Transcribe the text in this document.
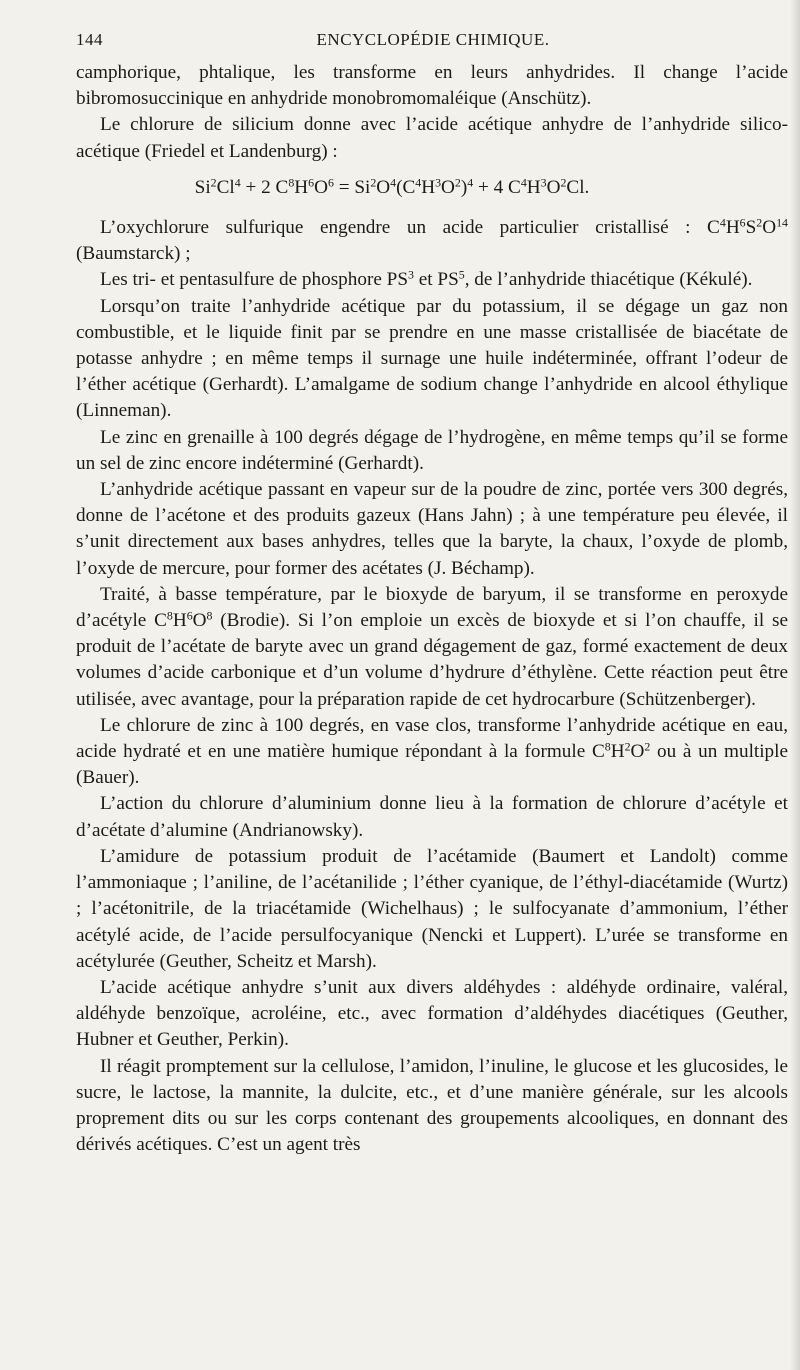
144	ENCYCLOPÉDIE CHIMIQUE.

camphorique, phtalique, les transforme en leurs anhydrides. Il change l’acide bibromosuccinique en anhydride monobromomaléique (Anschütz).

Le chlorure de silicium donne avec l’acide acétique anhydre de l’anhydride silico-acétique (Friedel et Landenburg) :

$Si^2Cl^4 + 2$ $C^8H^6O^6 = Si^2O^4(C^4H^3O^2)^4 + 4$ $C^4H^3O^2Cl$.

L’oxychlorure sulfurique engendre un acide particulier cristallisé : $C^4H^6S^2O^{14}$ (Baumstarck) ;

Les tri- et pentasulfure de phosphore $PS^3$ et $PS^5$, de l’anhydride thiacétique (Kékulé).

Lorsqu’on traite l’anhydride acétique par du potassium, il se dégage un gaz non combustible, et le liquide finit par se prendre en une masse cristallisée de biacétate de potasse anhydre ; en même temps il surnage une huile indéterminée, offrant l’odeur de l’éther acétique (Gerhardt). L’amalgame de sodium change l’anhydride en alcool éthylique (Linneman).

Le zinc en grenaille à 100 degrés dégage de l’hydrogène, en même temps qu’il se forme un sel de zinc encore indéterminé (Gerhardt).

L’anhydride acétique passant en vapeur sur de la poudre de zinc, portée vers 300 degrés, donne de l’acétone et des produits gazeux (Hans Jahn) ; à une température peu élevée, il s’unit directement aux bases anhydres, telles que la baryte, la chaux, l’oxyde de plomb, l’oxyde de mercure, pour former des acétates (J. Béchamp).

Traité, à basse température, par le bioxyde de baryum, il se transforme en peroxyde d’acétyle $C^8H^6O^8$ (Brodie). Si l’on emploie un excès de bioxyde et si l’on chauffe, il se produit de l’acétate de baryte avec un grand dégagement de gaz, formé exactement de deux volumes d’acide carbonique et d’un volume d’hydrure d’éthylène. Cette réaction peut être utilisée, avec avantage, pour la préparation rapide de cet hydrocarbure (Schützenberger).

Le chlorure de zinc à 100 degrés, en vase clos, transforme l’anhydride acétique en eau, acide hydraté et en une matière humique répondant à la formule $C^8H^2O^2$ ou à un multiple (Bauer).

L’action du chlorure d’aluminium donne lieu à la formation de chlorure d’acétyle et d’acétate d’alumine (Andrianowsky).

L’amidure de potassium produit de l’acétamide (Baumert et Landolt) comme l’ammoniaque ; l’aniline, de l’acétanilide ; l’éther cyanique, de l’éthyl-diacétamide (Wurtz) ; l’acétonitrile, de la triacétamide (Wichelhaus) ; le sulfocyanate d’ammonium, l’éther acétylé acide, de l’acide persulfocyanique (Nencki et Luppert). L’urée se transforme en acétylurée (Geuther, Scheitz et Marsh).

L’acide acétique anhydre s’unit aux divers aldéhydes : aldéhyde ordinaire, valéral, aldéhyde benzoïque, acroléine, etc., avec formation d’aldéhydes diacétiques (Geuther, Hubner et Geuther, Perkin).

Il réagit promptement sur la cellulose, l’amidon, l’inuline, le glucose et les glucosides, le sucre, le lactose, la mannite, la dulcite, etc., et d’une manière générale, sur les alcools proprement dits ou sur les corps contenant des groupements alcooliques, en donnant des dérivés acétiques. C’est un agent très
